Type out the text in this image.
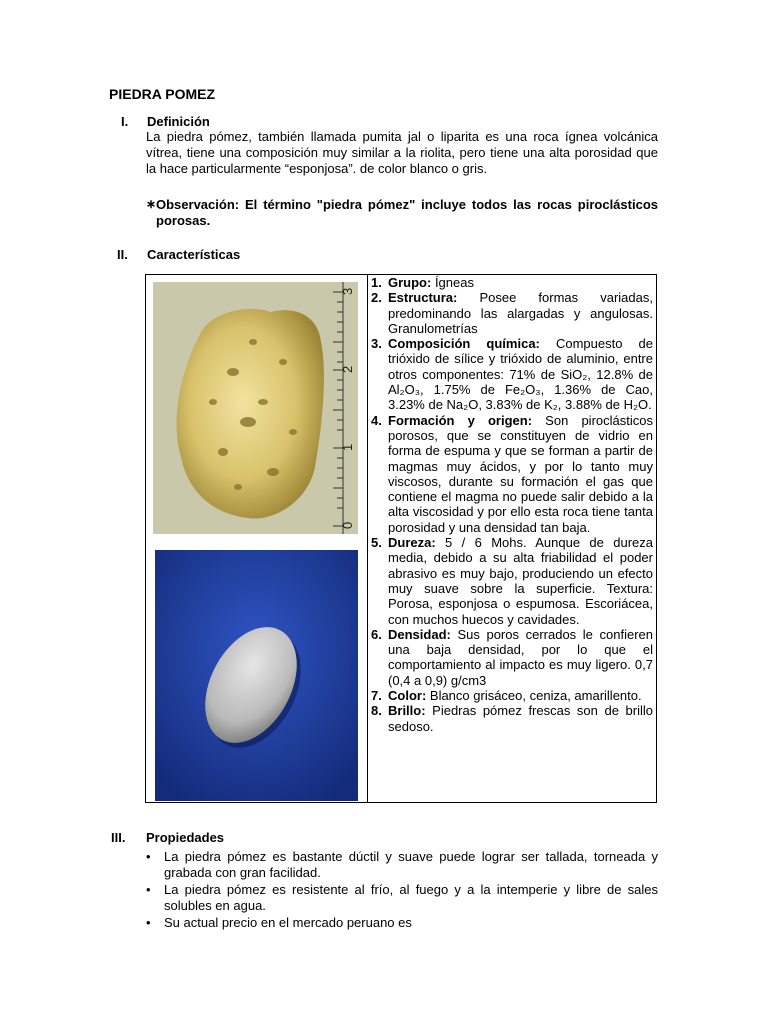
PIEDRA POMEZ
I. Definición
La piedra pómez, también llamada pumita jal o liparita es una roca ígnea volcánica vítrea, tiene una composición muy similar a la riolita, pero tiene una alta porosidad que la hace particularmente “esponjosa”. de color blanco o gris.
∗ Observación: El término "piedra pómez" incluye todos las rocas piroclásticos porosas.
II. Características
3
2
1
0
1. Grupo: Ígneas
2. Estructura: Posee formas variadas, predominando las alargadas y angulosas. Granulometrías
3. Composición química: Compuesto de trióxido de sílice y trióxido de aluminio, entre otros componentes: 71% de SiO₂, 12.8% de Al₂O₃, 1.75% de Fe₂O₃, 1.36% de Cao, 3.23% de Na₂O, 3.83% de K₂, 3.88% de H₂O.
4. Formación y origen: Son piroclásticos porosos, que se constituyen de vidrio en forma de espuma y que se forman a partir de magmas muy ácidos, y por lo tanto muy viscosos, durante su formación el gas que contiene el magma no puede salir debido a la alta viscosidad y por ello esta roca tiene tanta porosidad y una densidad tan baja.
5. Dureza: 5 / 6 Mohs. Aunque de dureza media, debido a su alta friabilidad el poder abrasivo es muy bajo, produciendo un efecto muy suave sobre la superficie. Textura: Porosa, esponjosa o espumosa. Escoriácea, con muchos huecos y cavidades.
6. Densidad: Sus poros cerrados le confieren una baja densidad, por lo que el comportamiento al impacto es muy ligero. 0,7 (0,4 a 0,9) g/cm3
7. Color: Blanco grisáceo, ceniza, amarillento.
8. Brillo: Piedras pómez frescas son de brillo sedoso.
III. Propiedades
• La piedra pómez es bastante dúctil y suave puede lograr ser tallada, torneada y grabada con gran facilidad.
• La piedra pómez es resistente al frío, al fuego y a la intemperie y libre de sales solubles en agua.
• Su actual precio en el mercado peruano es
